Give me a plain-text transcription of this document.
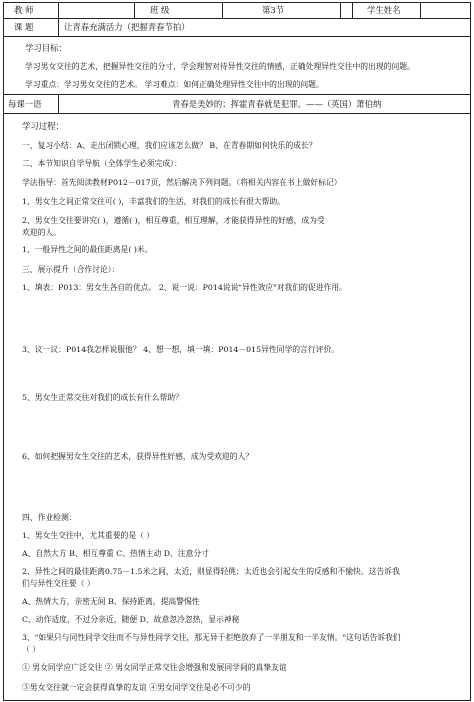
教 师	班 级	第3节	学生姓名
课 题	让青春充满活力（把握青春节拍）
学习目标：
学习男女交往的艺术，把握异性交往的分寸，学会理智对待异性交往的情感，正确处理异性交往中的出现的问题。
学习重点：学习男女交往的艺术。 学习难点：如何正确处理异性交往中的出现的问题。
每课一语	青春是美妙的；挥霍青春就是犯罪。——（英国）萧伯纳
学习过程：
一、复习小结：A、走出闭锁心理，我们应该怎么做？ B、在青春期如何快乐的成长？
二、本节知识自学导航（全体学生必须完成）：
学法指导：首先阅读教材P012－017页，然后解决下列问题。（将相关内容在书上做好标记）
1、男女生之间正常交往可( )，丰富我们的生活，对我们的成长有很大帮助。
2、男女生交往要讲究( )，遵循( )，相互尊重，相互理解，才能获得异性的好感，成为受
欢迎的人。
1、一般异性之间的最佳距离是( )米。
三、展示提升（合作讨论）：
1、填表：P013：男女生各自的优点。 2、说一说：P014说说"异性效应"对我们的促进作用。
3、议一议：P014我怎样说服他？ 4、想一想，填一填：P014－015异性同学的言行评价。
5、男女生正常交往对我们的成长有什么帮助？
6、如何把握男女生交往的艺术，获得异性好感，成为受欢迎的人？
四、作业检测：
1、男女生交往中，尤其重要的是（ ）
A、自然大方 B、相互尊重 C、热情主动 D、注意分寸
2、异性之间的最佳距离0.75－1.5米之间，太近，则显得轻佻；太近也会引起女生的反感和不愉快。这告诉我
们与异性交往要（ ）
A、热情大方，亲密无间 B、保持距离，提高警惕性
C、动作适度，不过分亲近，随便 D、故意忽冷忽热，显示神秘
3、"如果只与同性同学交往而不与异性同学交往，那无异于拒绝放弃了一半朋友和一半友情。"这句话告诉我们
（ ）
① 男女同学应广泛交往 ② 男女同学正常交往会增强和发展同学间的真挚友谊
③男女交往就一定会获得真挚的友谊 ④男女同学交往是必不可少的
